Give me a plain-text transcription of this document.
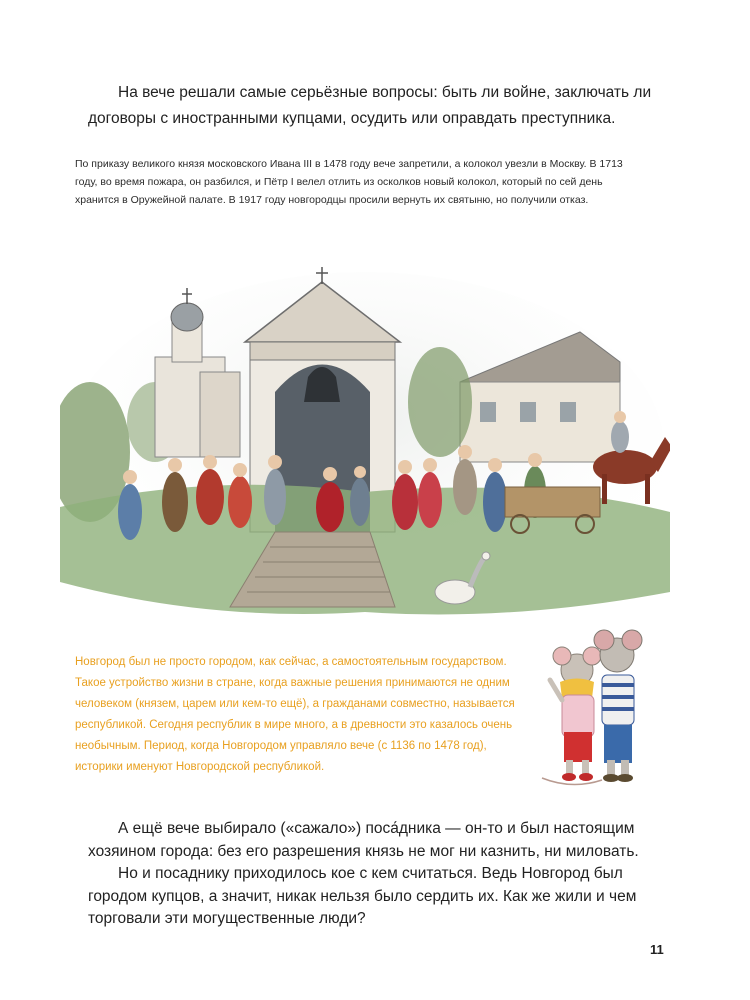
На вече решали самые серьёзные вопросы: быть ли войне, заключать ли договоры с иностранными купцами, осудить или оправдать преступника.

По приказу великого князя московского Ивана III в 1478 году вече запретили, а колокол увезли в Москву. В 1713 году, во время пожара, он разбился, и Пётр I велел отлить из осколков новый колокол, который по сей день хранится в Оружейной палате. В 1917 году новгородцы просили вернуть их святыню, но получили отказ.

Новгород был не просто городом, как сейчас, а самостоятельным государством. Такое устройство жизни в стране, когда важные решения принимаются не одним человеком (князем, царем или кем-то ещё), а гражданами совместно, называется республикой. Сегодня республик в мире много, а в древности это казалось очень необычным. Период, когда Новгородом управляло вече (с 1136 по 1478 год), историки именуют Новгородской республикой.

А ещё вече выбирало («сажало») поса́дника — он-то и был настоящим хозяином города: без его разрешения князь не мог ни казнить, ни миловать.

Но и посаднику приходилось кое с кем считаться. Ведь Новгород был городом купцов, а значит, никак нельзя было сердить их. Как же жили и чем торговали эти могущественные люди?

11
